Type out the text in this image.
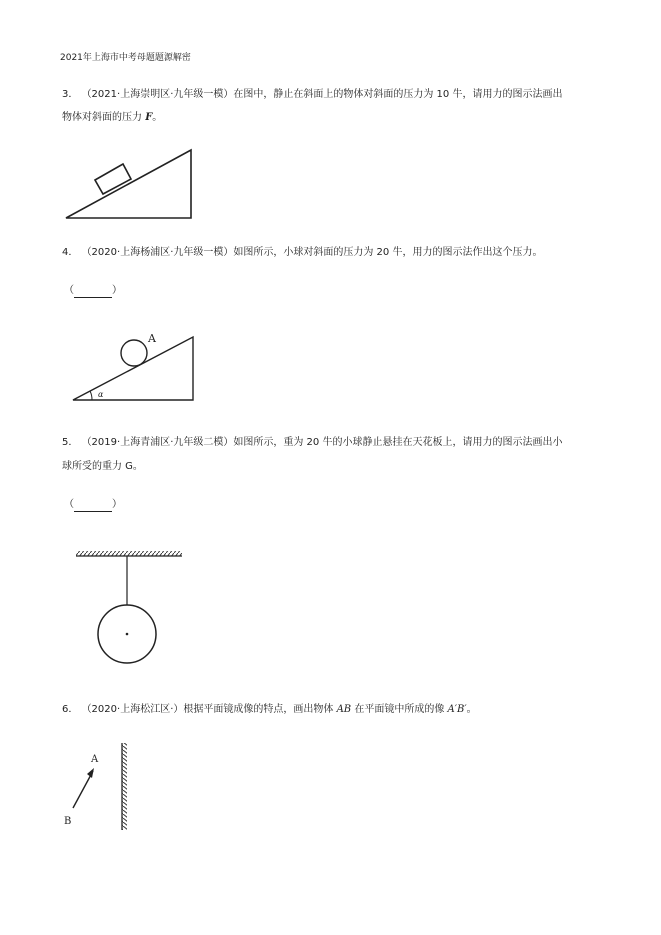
2021年上海市中考母题题源解密
3． （2021·上海崇明区·九年级一模）在图中，静止在斜面上的物体对斜面的压力为 10 牛，请用力的图示法画出
物体对斜面的压力 F。
4． （2020·上海杨浦区·九年级一模）如图所示，小球对斜面的压力为 20 牛，用力的图示法作出这个压力。
（	）
A
α
5． （2019·上海青浦区·九年级二模）如图所示，重为 20 牛的小球静止悬挂在天花板上，请用力的图示法画出小
球所受的重力 G。
（	）
6． （2020·上海松江区·）根据平面镜成像的特点，画出物体 AB 在平面镜中所成的像 A′B′。
A
B
